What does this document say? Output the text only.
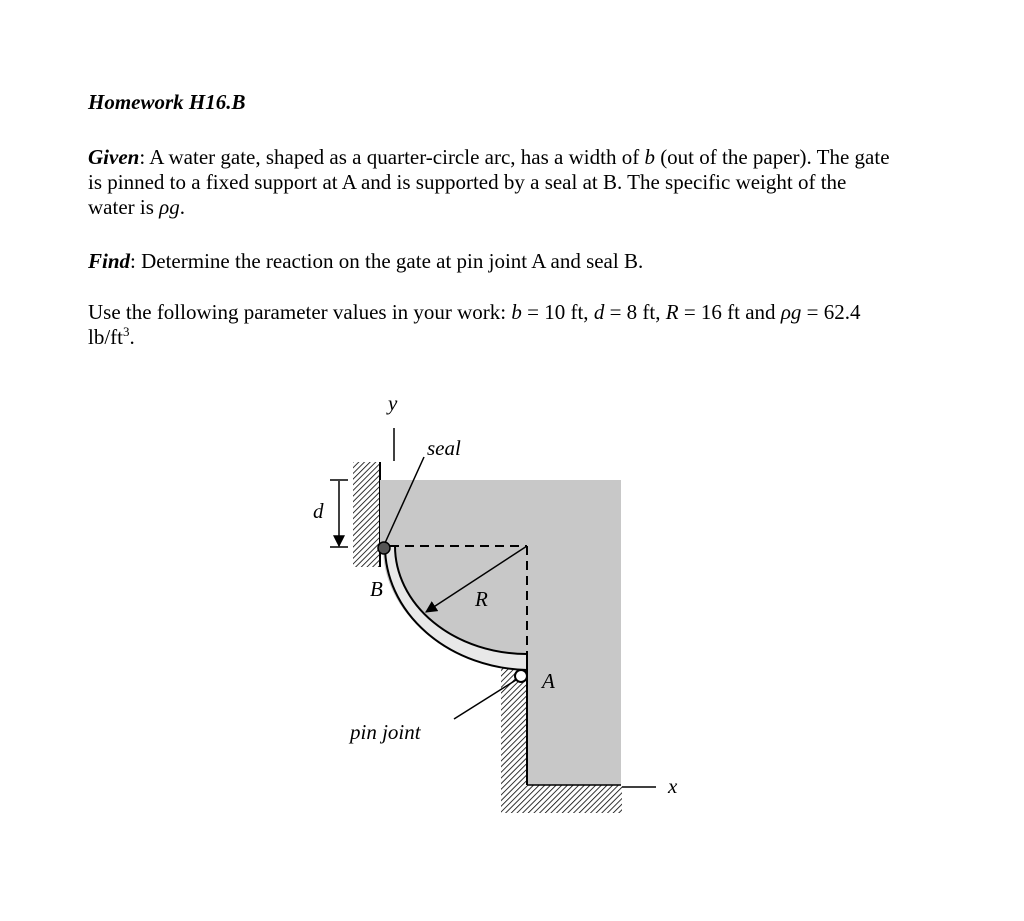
Homework H16.B
Given: A water gate, shaped as a quarter-circle arc, has a width of b (out of the paper). The gate is pinned to a fixed support at A and is supported by a seal at B. The specific weight of the water is ρg.
Find: Determine the reaction on the gate at pin joint A and seal B.
Use the following parameter values in your work: b = 10 ft, d = 8 ft, R = 16 ft and ρg = 62.4 $lb/ft^3$.
y
x
seal
d
B	R
A
pin joint
